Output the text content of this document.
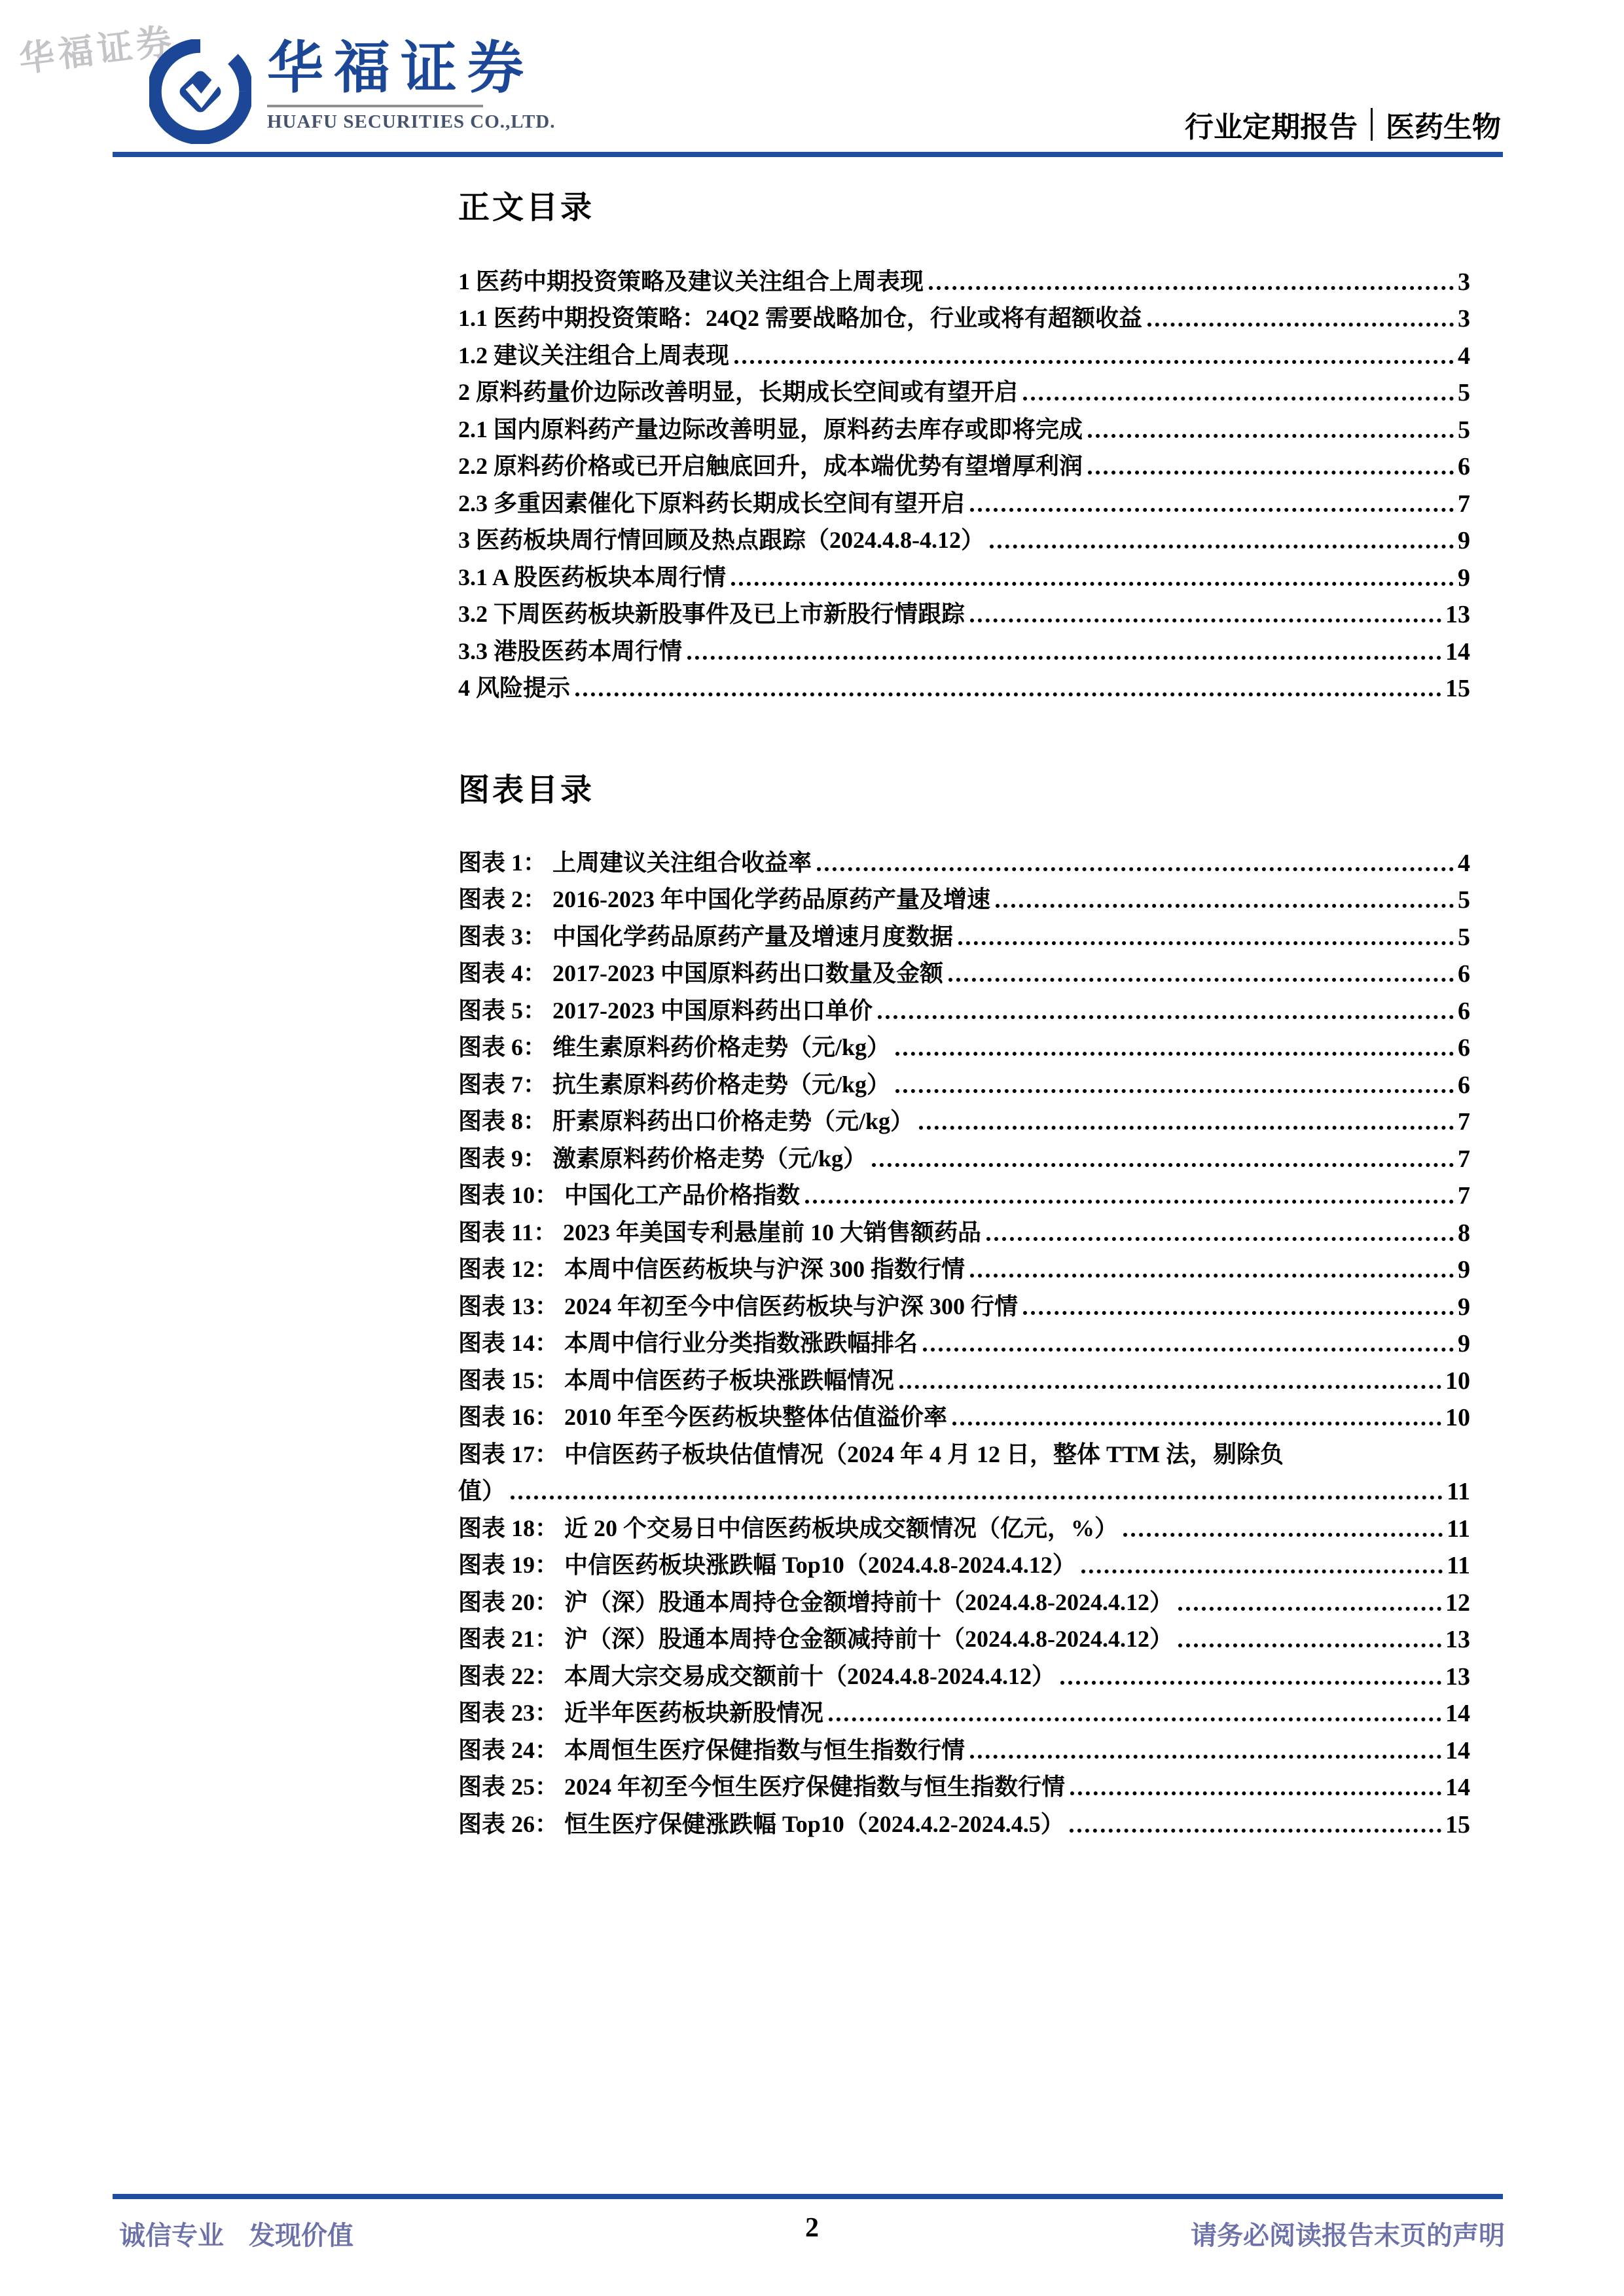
华福证券 华福证券
HUAFU SECURITIES CO.,LTD.	行业定期报告 医药生物
正文目录
1 医药中期投资策略及建议关注组合上周表现	3
1.1 医药中期投资策略：24Q2 需要战略加仓，行业或将有超额收益	3
1.2 建议关注组合上周表现	4
2 原料药量价边际改善明显，长期成长空间或有望开启	5
2.1 国内原料药产量边际改善明显，原料药去库存或即将完成	5
2.2 原料药价格或已开启触底回升，成本端优势有望增厚利润	6
2.3 多重因素催化下原料药长期成长空间有望开启	7
3 医药板块周行情回顾及热点跟踪（2024.4.8-4.12）	9
3.1 A 股医药板块本周行情	9
3.2 下周医药板块新股事件及已上市新股行情跟踪	13
3.3 港股医药本周行情	14
4 风险提示	15
图表目录
图表 1： 上周建议关注组合收益率	4
图表 2： 2016-2023 年中国化学药品原药产量及增速	5
图表 3： 中国化学药品原药产量及增速月度数据	5
图表 4： 2017-2023 中国原料药出口数量及金额	6
图表 5： 2017-2023 中国原料药出口单价	6
图表 6： 维生素原料药价格走势（元/kg）	6
图表 7： 抗生素原料药价格走势（元/kg）	6
图表 8： 肝素原料药出口价格走势（元/kg）	7
图表 9： 激素原料药价格走势（元/kg）	7
图表 10： 中国化工产品价格指数	7
图表 11： 2023 年美国专利悬崖前 10 大销售额药品	8
图表 12： 本周中信医药板块与沪深 300 指数行情	9
图表 13： 2024 年初至今中信医药板块与沪深 300 行情	9
图表 14： 本周中信行业分类指数涨跌幅排名	9
图表 15： 本周中信医药子板块涨跌幅情况	10
图表 16： 2010 年至今医药板块整体估值溢价率	10
图表 17： 中信医药子板块估值情况（2024 年 4 月 12 日，整体 TTM 法，剔除负
值）	11
图表 18： 近 20 个交易日中信医药板块成交额情况（亿元，%）	11
图表 19： 中信医药板块涨跌幅 Top10（2024.4.8-2024.4.12）	11
图表 20： 沪（深）股通本周持仓金额增持前十（2024.4.8-2024.4.12）	12
图表 21： 沪（深）股通本周持仓金额减持前十（2024.4.8-2024.4.12）	13
图表 22： 本周大宗交易成交额前十（2024.4.8-2024.4.12）	13
图表 23： 近半年医药板块新股情况	14
图表 24： 本周恒生医疗保健指数与恒生指数行情	14
图表 25： 2024 年初至今恒生医疗保健指数与恒生指数行情	14
图表 26： 恒生医疗保健涨跌幅 Top10（2024.4.2-2024.4.5）	15
诚信专业 发现价值	2	请务必阅读报告末页的声明
